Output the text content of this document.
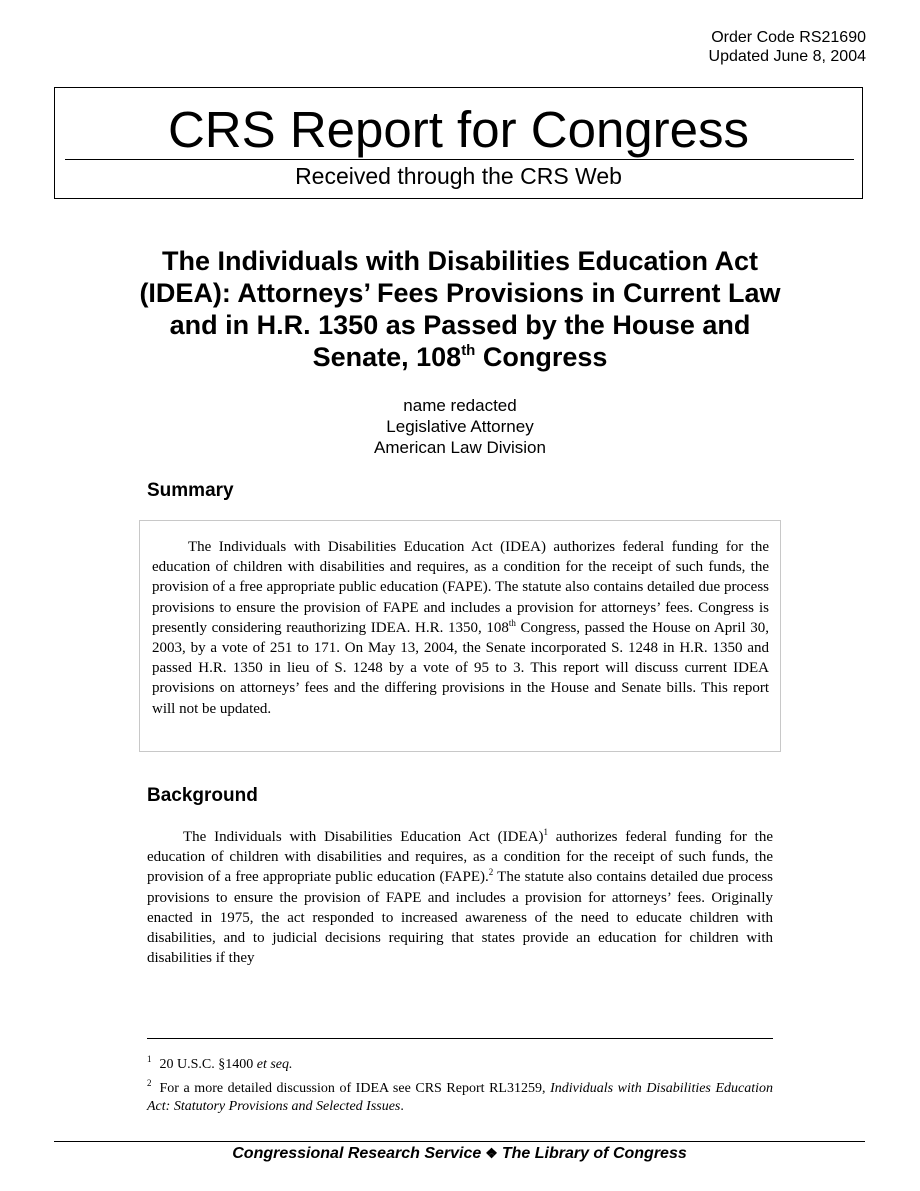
Order Code RS21690
Updated June 8, 2004
CRS Report for Congress
Received through the CRS Web
The Individuals with Disabilities Education Act (IDEA): Attorneys’ Fees Provisions in Current Law and in H.R. 1350 as Passed by the House and Senate, 108th Congress
name redacted
Legislative Attorney
American Law Division
Summary

The Individuals with Disabilities Education Act (IDEA) authorizes federal funding for the education of children with disabilities and requires, as a condition for the receipt of such funds, the provision of a free appropriate public education (FAPE). The statute also contains detailed due process provisions to ensure the provision of FAPE and includes a provision for attorneys’ fees. Congress is presently considering reauthorizing IDEA. H.R. 1350, 108th Congress, passed the House on April 30, 2003, by a vote of 251 to 171. On May 13, 2004, the Senate incorporated S. 1248 in H.R. 1350 and passed H.R. 1350 in lieu of S. 1248 by a vote of 95 to 3. This report will discuss current IDEA provisions on attorneys’ fees and the differing provisions in the House and Senate bills. This report will not be updated.

Background

The Individuals with Disabilities Education Act (IDEA)$^1$ authorizes federal funding for the education of children with disabilities and requires, as a condition for the receipt of such funds, the provision of a free appropriate public education (FAPE).$^2$ The statute also contains detailed due process provisions to ensure the provision of FAPE and includes a provision for attorneys’ fees. Originally enacted in 1975, the act responded to increased awareness of the need to educate children with disabilities, and to judicial decisions requiring that states provide an education for children with disabilities if they

$^1$ 20 U.S.C. §1400 et seq.

$^2$ For a more detailed discussion of IDEA see CRS Report RL31259, Individuals with Disabilities Education Act: Statutory Provisions and Selected Issues.

Congressional Research Service ❖ The Library of Congress
